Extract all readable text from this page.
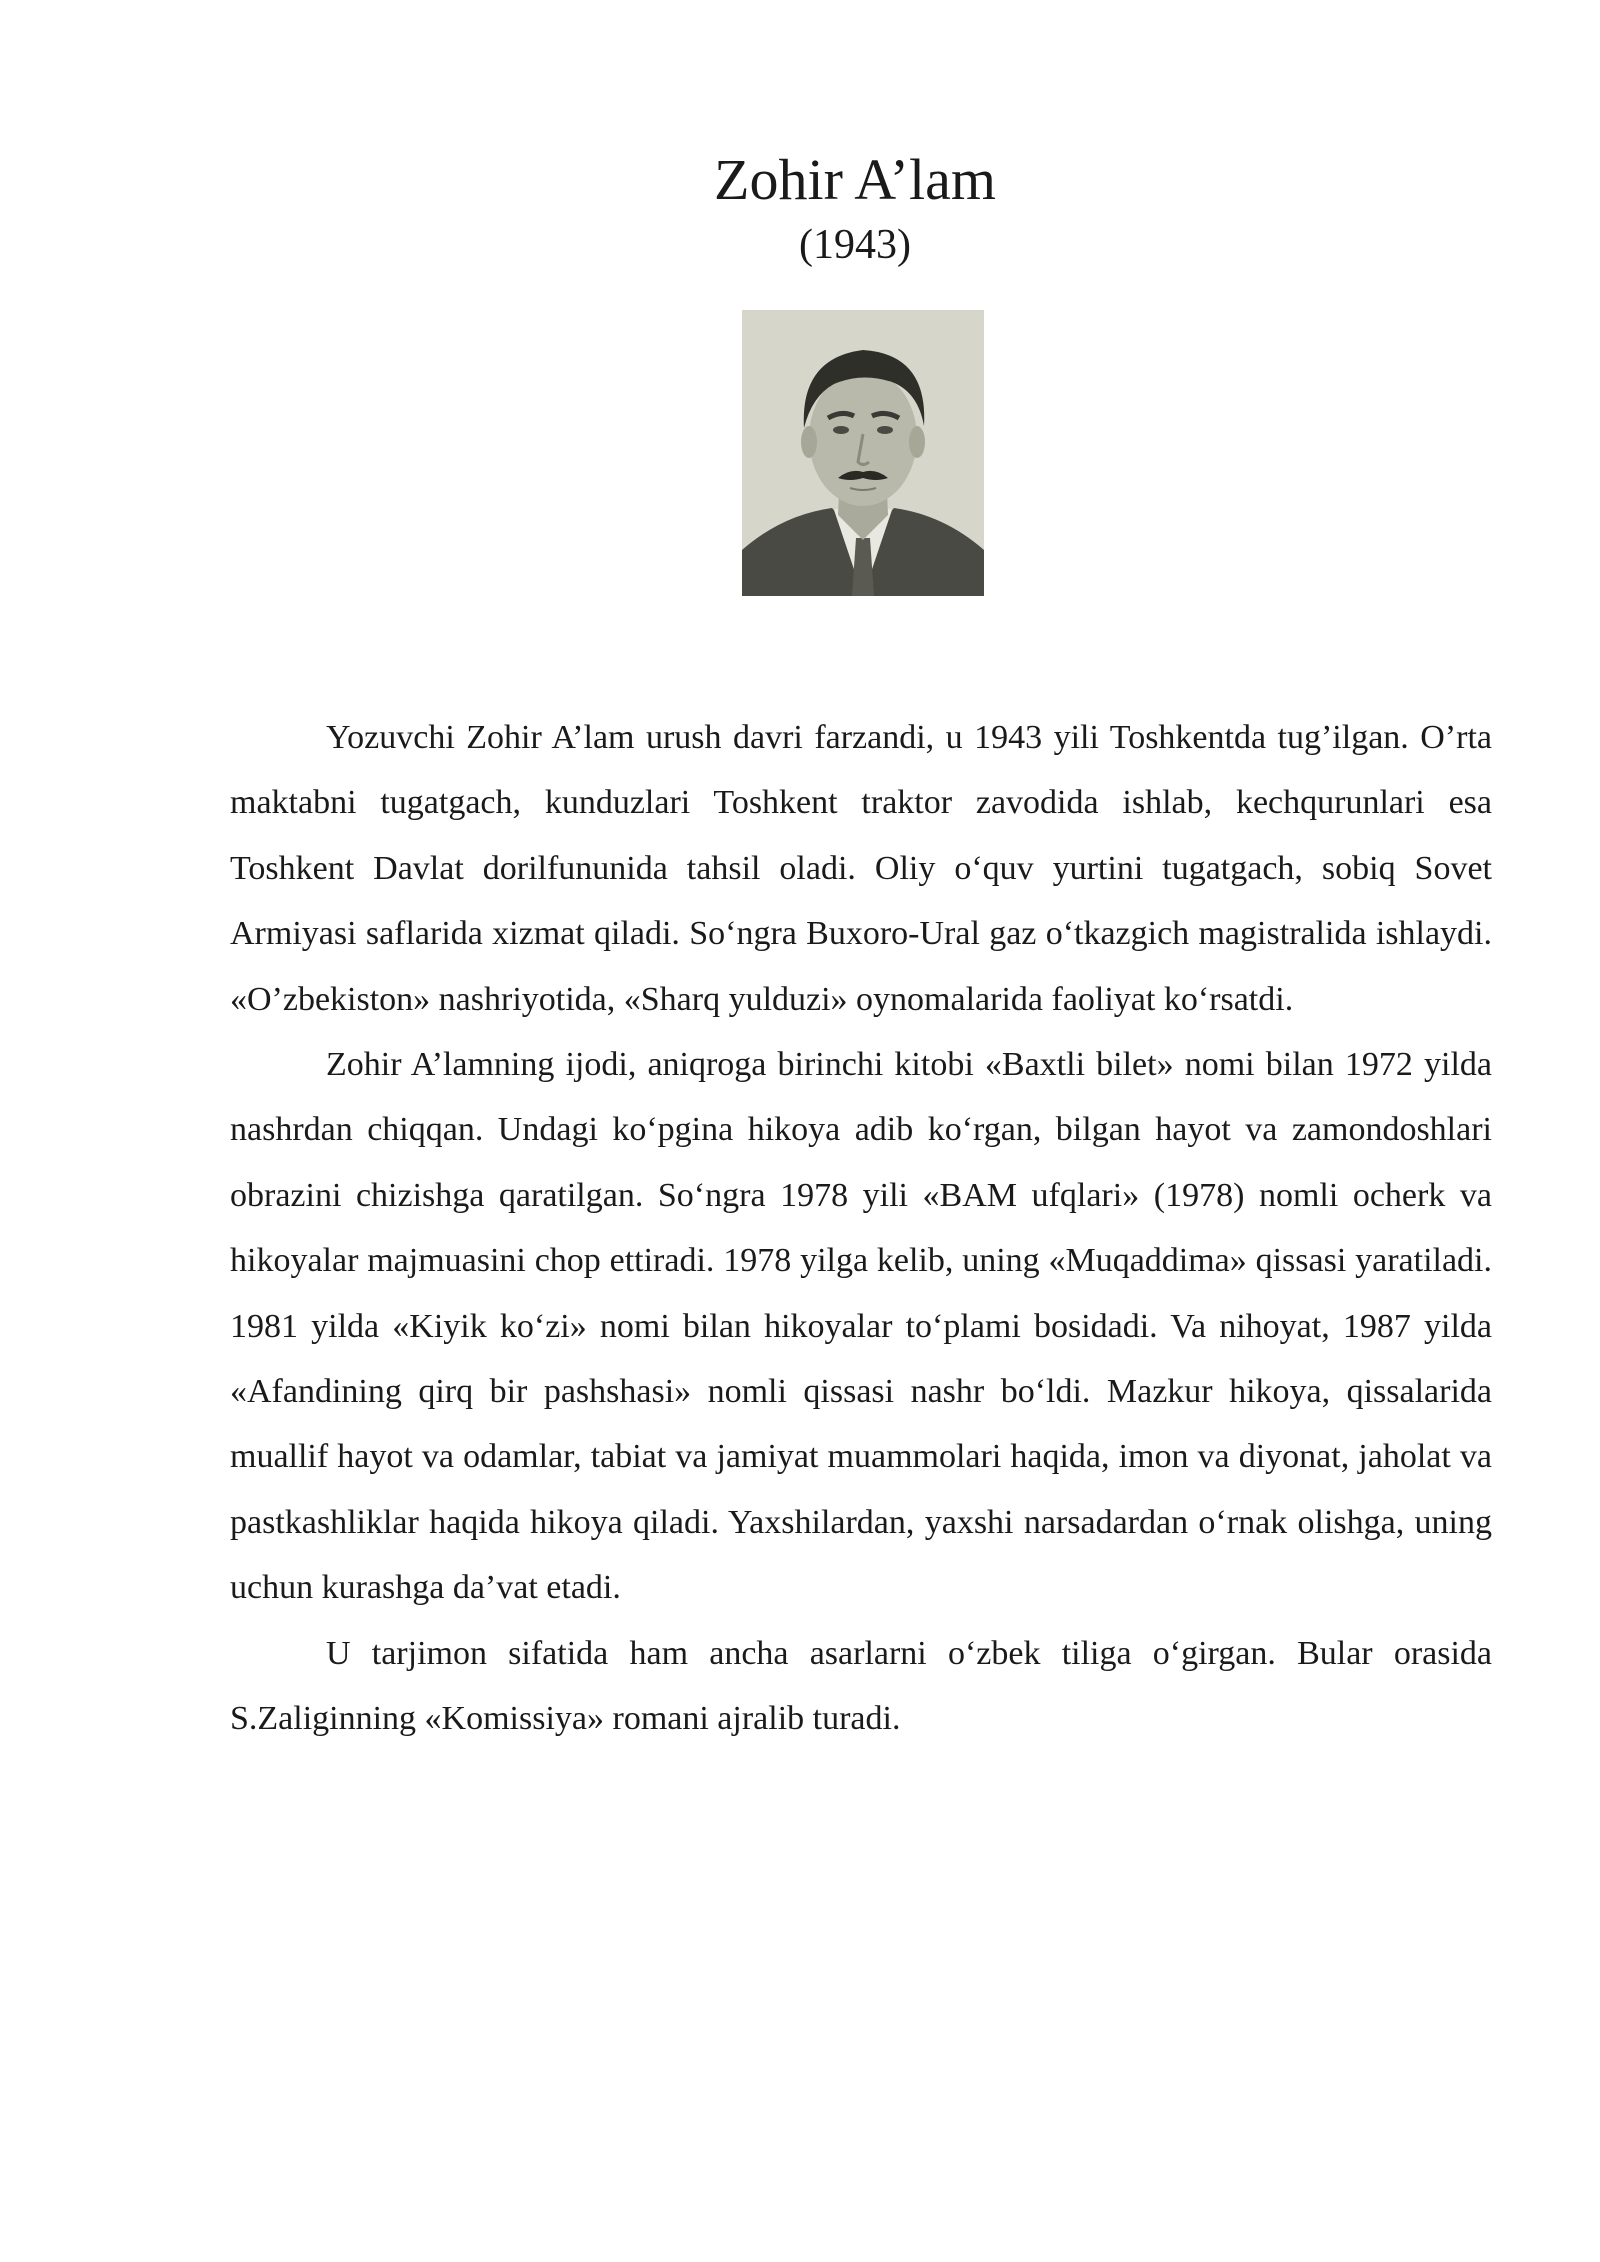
Zohir A’lam
(1943)

Yozuvchi Zohir A’lam urush davri farzandi, u 1943 yili Toshkentda tug’ilgan. O’rta maktabni tugatgach, kunduzlari Toshkent traktor zavodida ishlab, kechqurunlari esa Toshkent Davlat dorilfununida tahsil oladi. Oliy o‘quv yurtini tugatgach, sobiq Sovet Armiyasi saflarida xizmat qiladi. So‘ngra Buxoro-Ural gaz o‘tkazgich magistralida ishlaydi. «O’zbekiston» nashriyotida, «Sharq yulduzi» oynomalarida faoliyat ko‘rsatdi.

Zohir A’lamning ijodi, aniqroga birinchi kitobi «Baxtli bilet» nomi bilan 1972 yilda nashrdan chiqqan. Undagi ko‘pgina hikoya adib ko‘rgan, bilgan hayot va zamondoshlari obrazini chizishga qaratilgan. So‘ngra 1978 yili «BAM ufqlari» (1978) nomli ocherk va hikoyalar majmuasini chop ettiradi. 1978 yilga kelib, uning «Muqaddima» qissasi yaratiladi. 1981 yilda «Kiyik ko‘zi» nomi bilan hikoyalar to‘plami bosidadi. Va nihoyat, 1987 yilda «Afandining qirq bir pashshasi» nomli qissasi nashr bo‘ldi. Mazkur hikoya, qissalarida muallif hayot va odamlar, tabiat va jamiyat muammolari haqida, imon va diyonat, jaholat va pastkashliklar haqida hikoya qiladi. Yaxshilardan, yaxshi narsadardan o‘rnak olishga, uning uchun kurashga da’vat etadi.

U tarjimon sifatida ham ancha asarlarni o‘zbek tiliga o‘girgan. Bular orasida S.Zaliginning «Komissiya» romani ajralib turadi.
